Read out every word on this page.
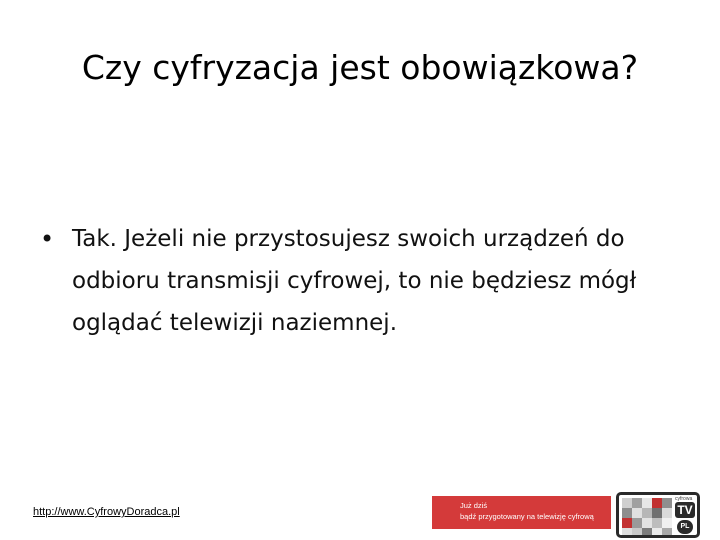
Czy cyfryzacja jest obowiązkowa?
• Tak. Jeżeli nie przystosujesz swoich urządzeń do odbioru transmisji cyfrowej, to nie będziesz mógł oglądać telewizji naziemnej.
http://www.CyfrowyDoradca.pl
Już dziś
bądź przygotowany na telewizję cyfrową
cyfrowa
TV
PL
